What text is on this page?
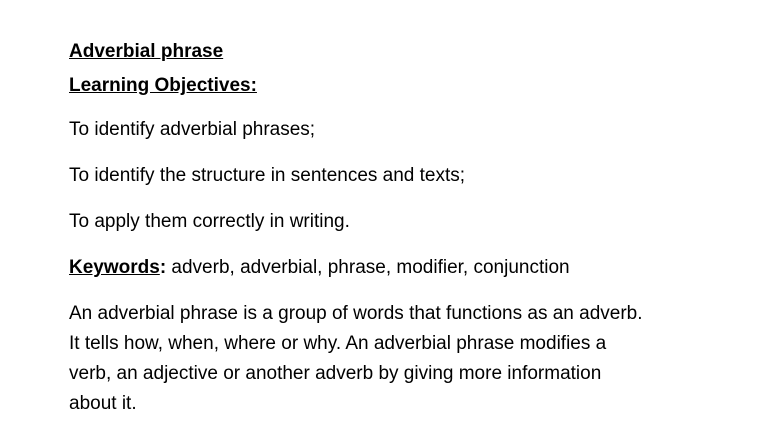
Adverbial phrase

Learning Objectives:

To identify adverbial phrases;

To identify the structure in sentences and texts;

To apply them correctly in writing.

Keywords: adverb, adverbial, phrase, modifier, conjunction

An adverbial phrase is a group of words that functions as an adverb.
It tells how, when, where or why. An adverbial phrase modifies a
verb, an adjective or another adverb by giving more information
about it.
